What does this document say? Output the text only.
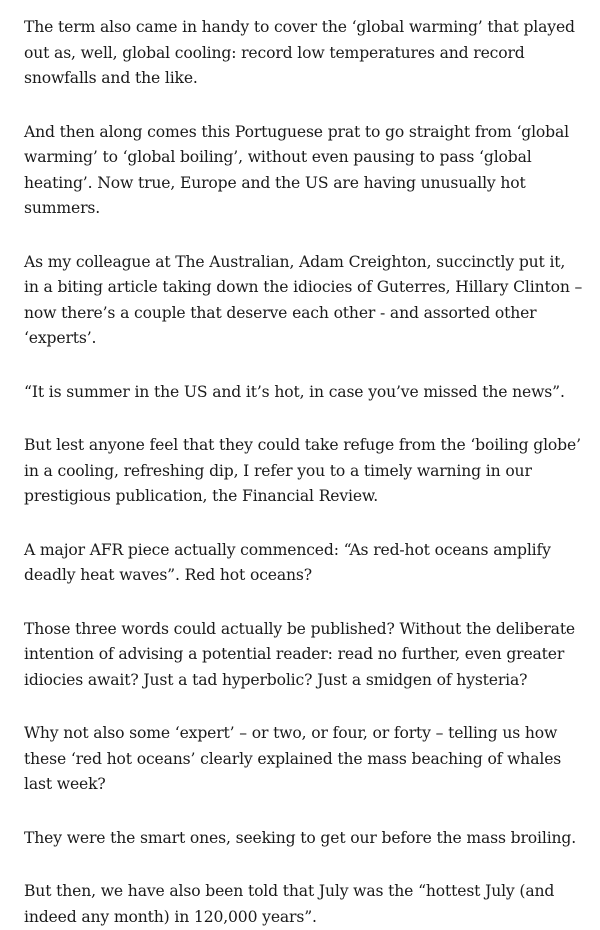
The term also came in handy to cover the ‘global warming’ that played out as, well, global cooling: record low temperatures and record snowfalls and the like.

And then along comes this Portuguese prat to go straight from ‘global warming’ to ‘global boiling’, without even pausing to pass ‘global heating’. Now true, Europe and the US are having unusually hot summers.

As my colleague at The Australian, Adam Creighton, succinctly put it, in a biting article taking down the idiocies of Guterres, Hillary Clinton – now there’s a couple that deserve each other - and assorted other ‘experts’.

“It is summer in the US and it’s hot, in case you’ve missed the news”.

But lest anyone feel that they could take refuge from the ‘boiling globe’ in a cooling, refreshing dip, I refer you to a timely warning in our prestigious publication, the Financial Review.

A major AFR piece actually commenced: “As red-hot oceans amplify deadly heat waves”. Red hot oceans?

Those three words could actually be published? Without the deliberate intention of advising a potential reader: read no further, even greater idiocies await? Just a tad hyperbolic? Just a smidgen of hysteria?

Why not also some ‘expert’ – or two, or four, or forty – telling us how these ‘red hot oceans’ clearly explained the mass beaching of whales last week?

They were the smart ones, seeking to get our before the mass broiling.

But then, we have also been told that July was the “hottest July (and indeed any month) in 120,000 years”.
